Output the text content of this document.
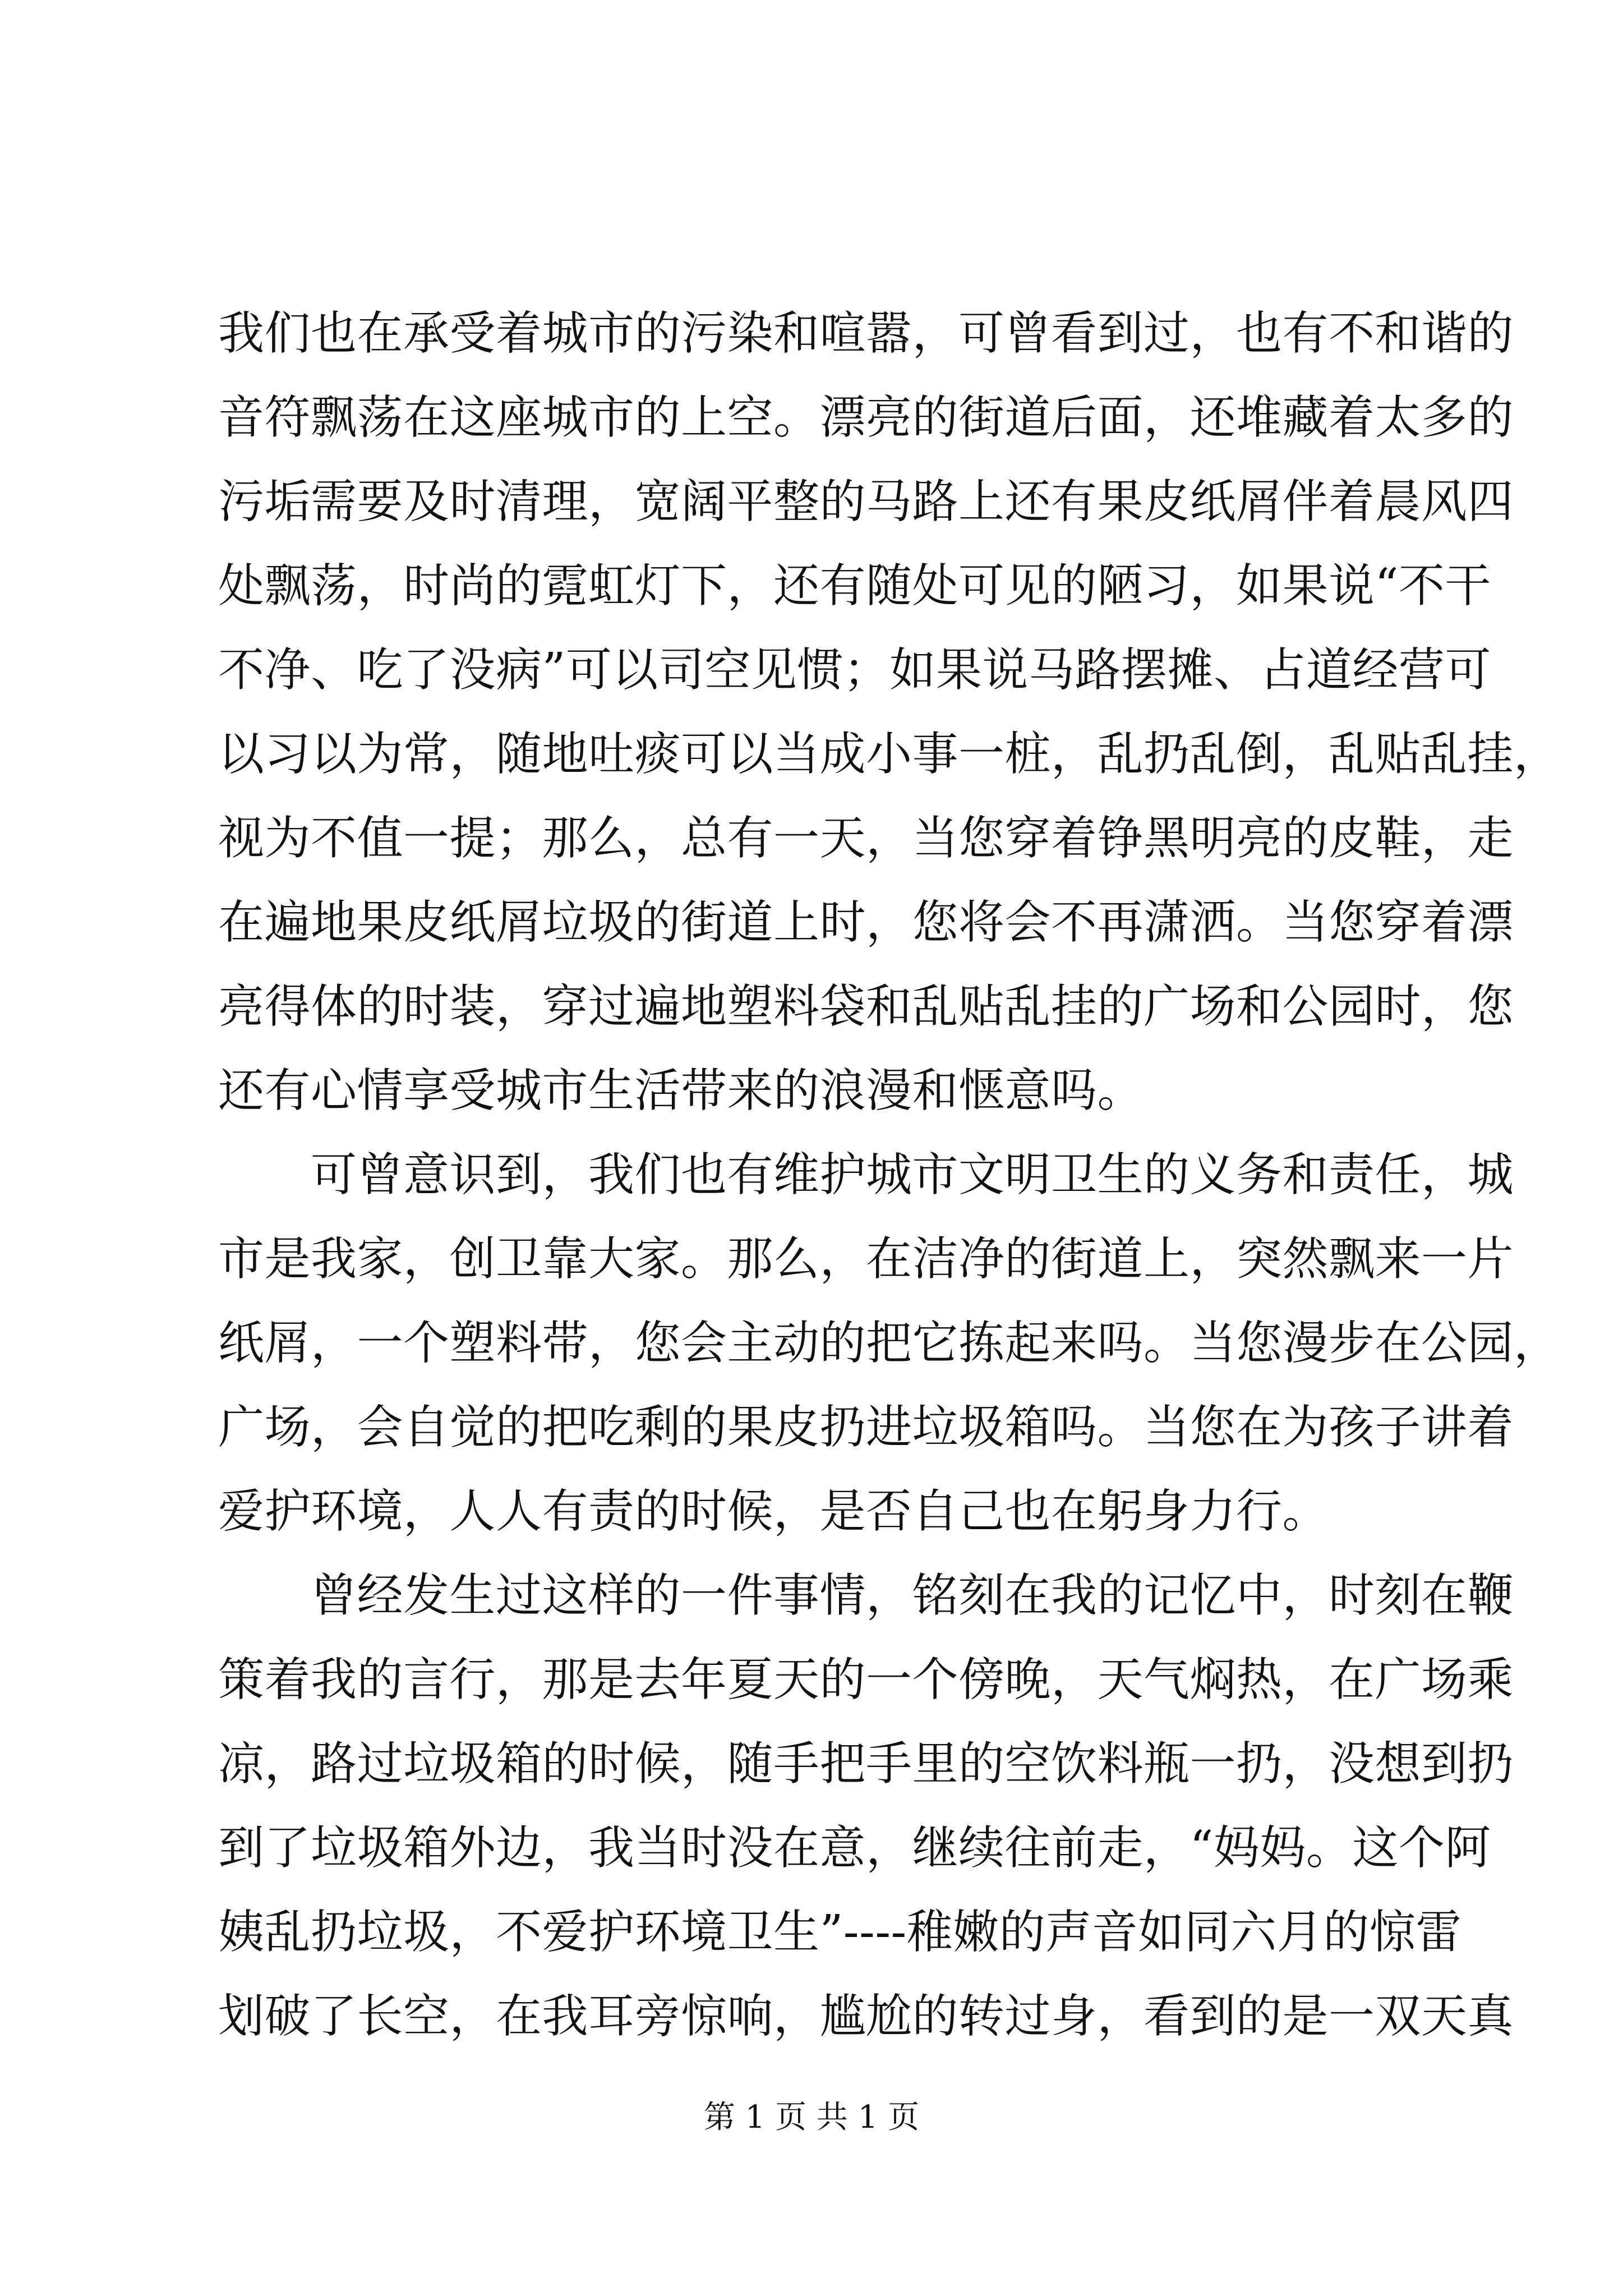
我们也在承受着城市的污染和喧嚣，可曾看到过，也有不和谐的
音符飘荡在这座城市的上空。漂亮的街道后面，还堆藏着太多的
污垢需要及时清理，宽阔平整的马路上还有果皮纸屑伴着晨风四
处飘荡，时尚的霓虹灯下，还有随处可见的陋习，如果说“不干
不净、吃了没病”可以司空见惯；如果说马路摆摊、占道经营可
以习以为常，随地吐痰可以当成小事一桩，乱扔乱倒，乱贴乱挂，
视为不值一提；那么，总有一天，当您穿着铮黑明亮的皮鞋，走
在遍地果皮纸屑垃圾的街道上时，您将会不再潇洒。当您穿着漂
亮得体的时装，穿过遍地塑料袋和乱贴乱挂的广场和公园时，您
还有心情享受城市生活带来的浪漫和惬意吗。
可曾意识到，我们也有维护城市文明卫生的义务和责任，城
市是我家，创卫靠大家。那么，在洁净的街道上，突然飘来一片
纸屑，一个塑料带，您会主动的把它拣起来吗。当您漫步在公园，
广场，会自觉的把吃剩的果皮扔进垃圾箱吗。当您在为孩子讲着
爱护环境，人人有责的时候，是否自己也在躬身力行。
曾经发生过这样的一件事情，铭刻在我的记忆中，时刻在鞭
策着我的言行，那是去年夏天的一个傍晚，天气焖热，在广场乘
凉，路过垃圾箱的时候，随手把手里的空饮料瓶一扔，没想到扔
到了垃圾箱外边，我当时没在意，继续往前走，“妈妈。这个阿
姨乱扔垃圾，不爱护环境卫生”----稚嫩的声音如同六月的惊雷
划破了长空，在我耳旁惊响，尴尬的转过身，看到的是一双天真
第 1 页 共 1 页
